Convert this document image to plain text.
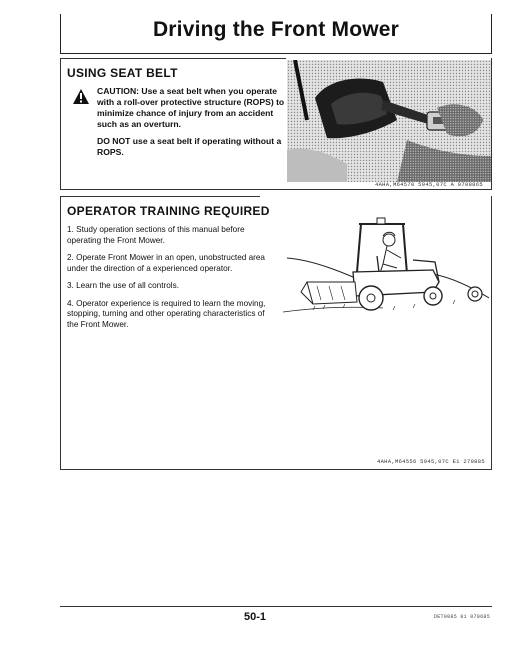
Driving the Front Mower
USING SEAT BELT

CAUTION: Use a seat belt when you operate with a roll-over protective structure (ROPS) to minimize chance of injury from an accident such as an overturn.

DO NOT use a seat belt if operating without a ROPS.

4AHA,M64570 5945,07C A 0708865
OPERATOR TRAINING REQUIRED
1. Study operation sections of this manual before operating the Front Mower.
2. Operate Front Mower in an open, unobstructed area under the direction of a experienced operator.
3. Learn the use of all controls.
4. Operator experience is required to learn the moving, stopping, turning and other operating characteristics of the Front Mower.
4AHA,M64556 5945,07C E1 270885

50-1	DET0085 81 070685
